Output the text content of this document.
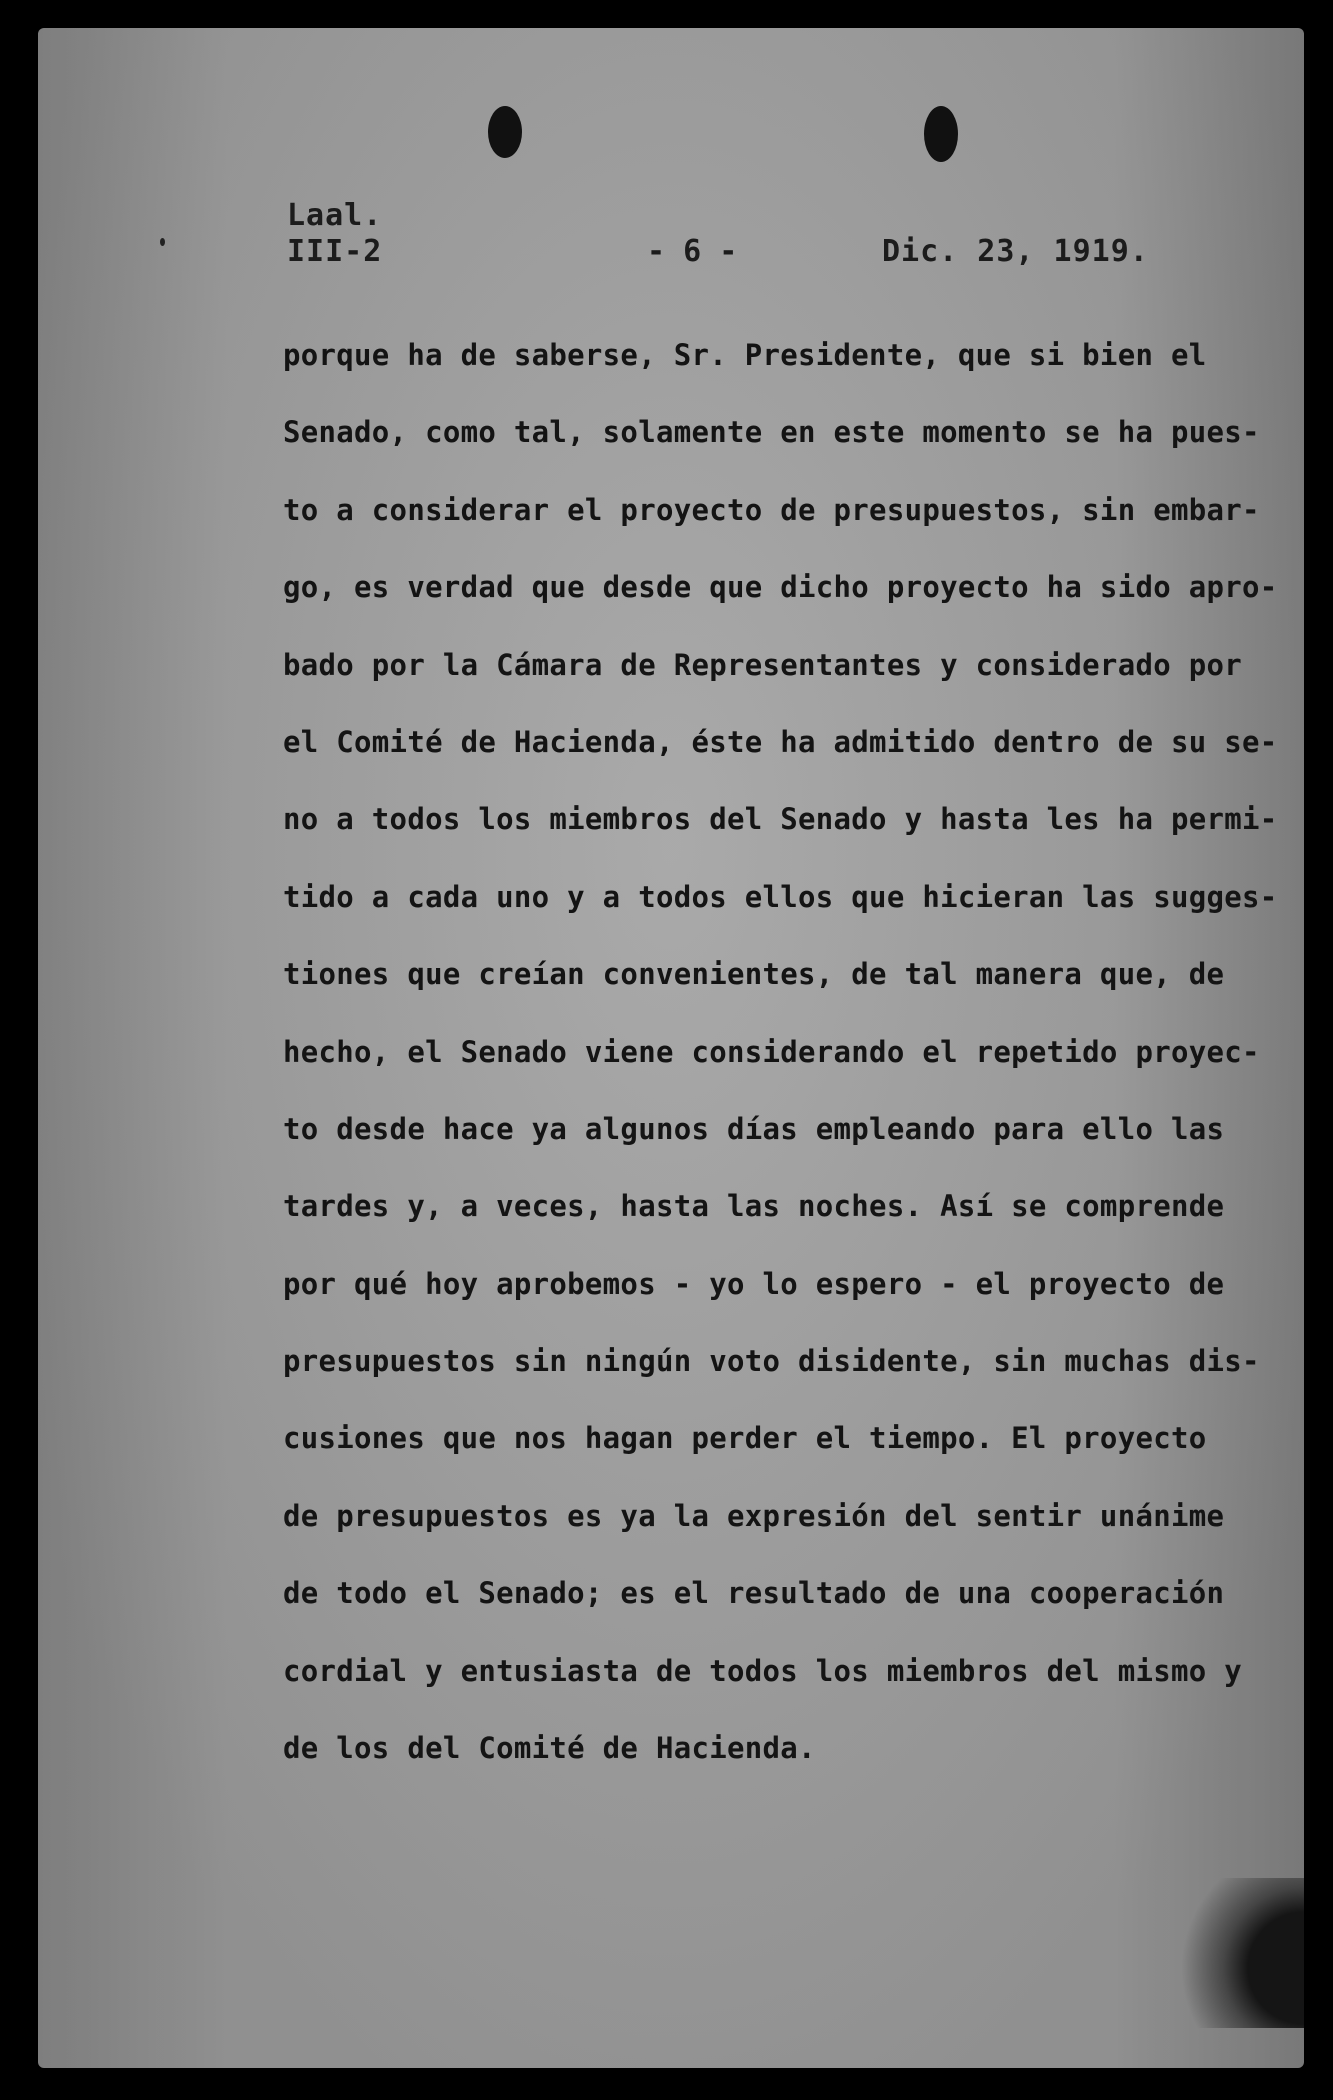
Laal.
III-2	- 6 -	Dic. 23, 1919.
porque ha de saberse, Sr. Presidente, que si bien el
Senado, como tal, solamente en este momento se ha pues-
to a considerar el proyecto de presupuestos, sin embar-
go, es verdad que desde que dicho proyecto ha sido apro-
bado por la Cámara de Representantes y considerado por
el Comité de Hacienda, éste ha admitido dentro de su se-
no a todos los miembros del Senado y hasta les ha permi-
tido a cada uno y a todos ellos que hicieran las sugges-
tiones que creían convenientes, de tal manera que, de
hecho, el Senado viene considerando el repetido proyec-
to desde hace ya algunos días empleando para ello las
tardes y, a veces, hasta las noches. Así se comprende
por qué hoy aprobemos - yo lo espero - el proyecto de
presupuestos sin ningún voto disidente, sin muchas dis-
cusiones que nos hagan perder el tiempo. El proyecto
de presupuestos es ya la expresión del sentir unánime
de todo el Senado; es el resultado de una cooperación
cordial y entusiasta de todos los miembros del mismo y
de los del Comité de Hacienda.
